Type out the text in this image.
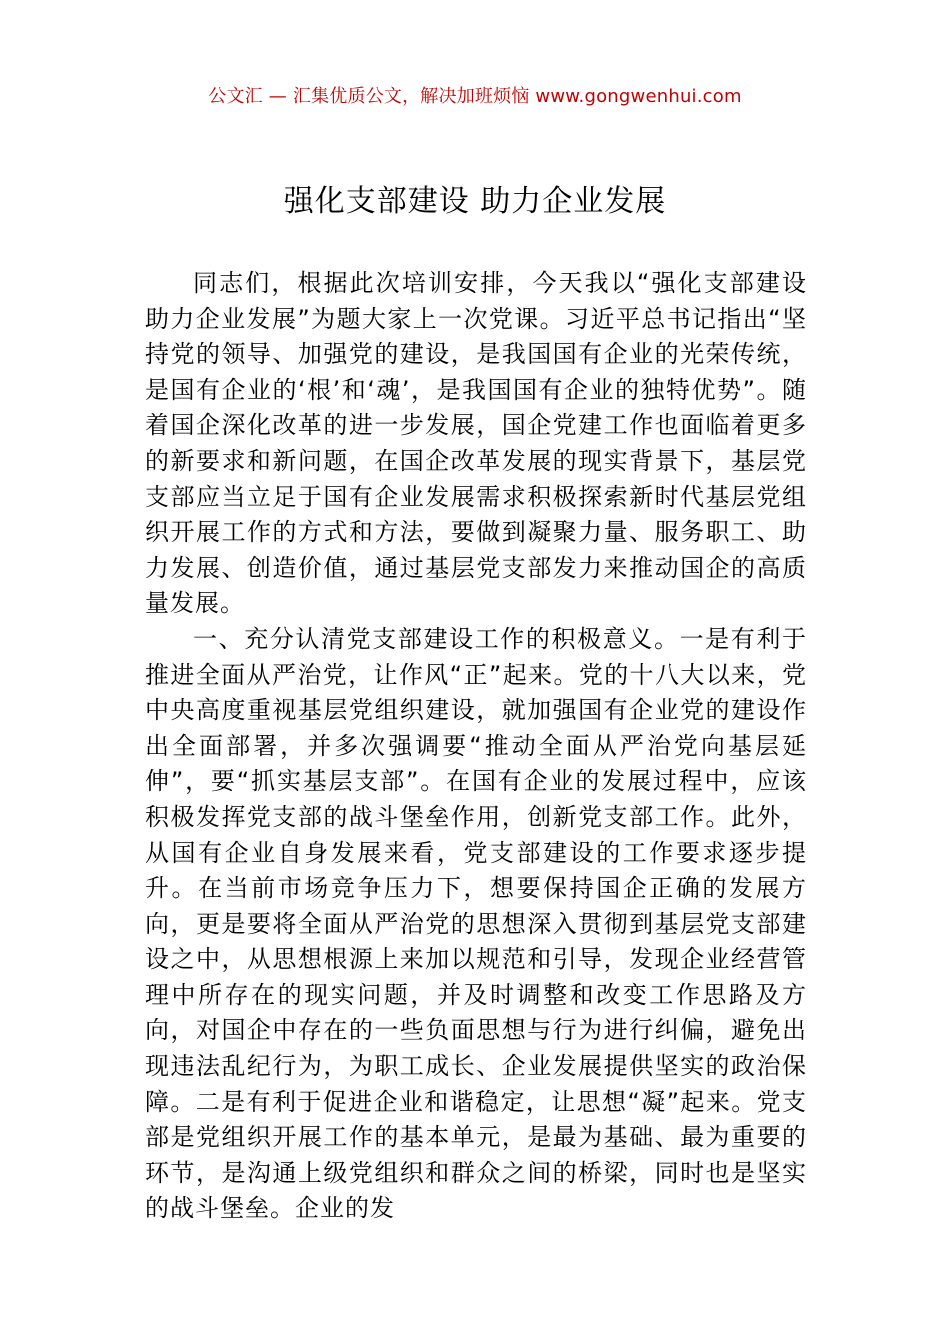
公文汇 — 汇集优质公文，解决加班烦恼 www.gongwenhui.com
强化支部建设 助力企业发展

同志们，根据此次培训安排，今天我以“强化支部建设 助力企业发展”为题大家上一次党课。习近平总书记指出“坚持党的领导、加强党的建设，是我国国有企业的光荣传统，是国有企业的‘根’和‘魂’，是我国国有企业的独特优势”。随着国企深化改革的进一步发展，国企党建工作也面临着更多的新要求和新问题，在国企改革发展的现实背景下，基层党支部应当立足于国有企业发展需求积极探索新时代基层党组织开展工作的方式和方法，要做到凝聚力量、服务职工、助力发展、创造价值，通过基层党支部发力来推动国企的高质量发展。

一、充分认清党支部建设工作的积极意义。一是有利于推进全面从严治党，让作风“正”起来。党的十八大以来，党中央高度重视基层党组织建设，就加强国有企业党的建设作出全面部署，并多次强调要“推动全面从严治党向基层延伸”，要“抓实基层支部”。在国有企业的发展过程中，应该积极发挥党支部的战斗堡垒作用，创新党支部工作。此外，从国有企业自身发展来看，党支部建设的工作要求逐步提升。在当前市场竞争压力下，想要保持国企正确的发展方向，更是要将全面从严治党的思想深入贯彻到基层党支部建设之中，从思想根源上来加以规范和引导，发现企业经营管理中所存在的现实问题，并及时调整和改变工作思路及方向，对国企中存在的一些负面思想与行为进行纠偏，避免出现违法乱纪行为，为职工成长、企业发展提供坚实的政治保障。二是有利于促进企业和谐稳定，让思想“凝”起来。党支部是党组织开展工作的基本单元，是最为基础、最为重要的环节，是沟通上级党组织和群众之间的桥梁，同时也是坚实的战斗堡垒。企业的发
